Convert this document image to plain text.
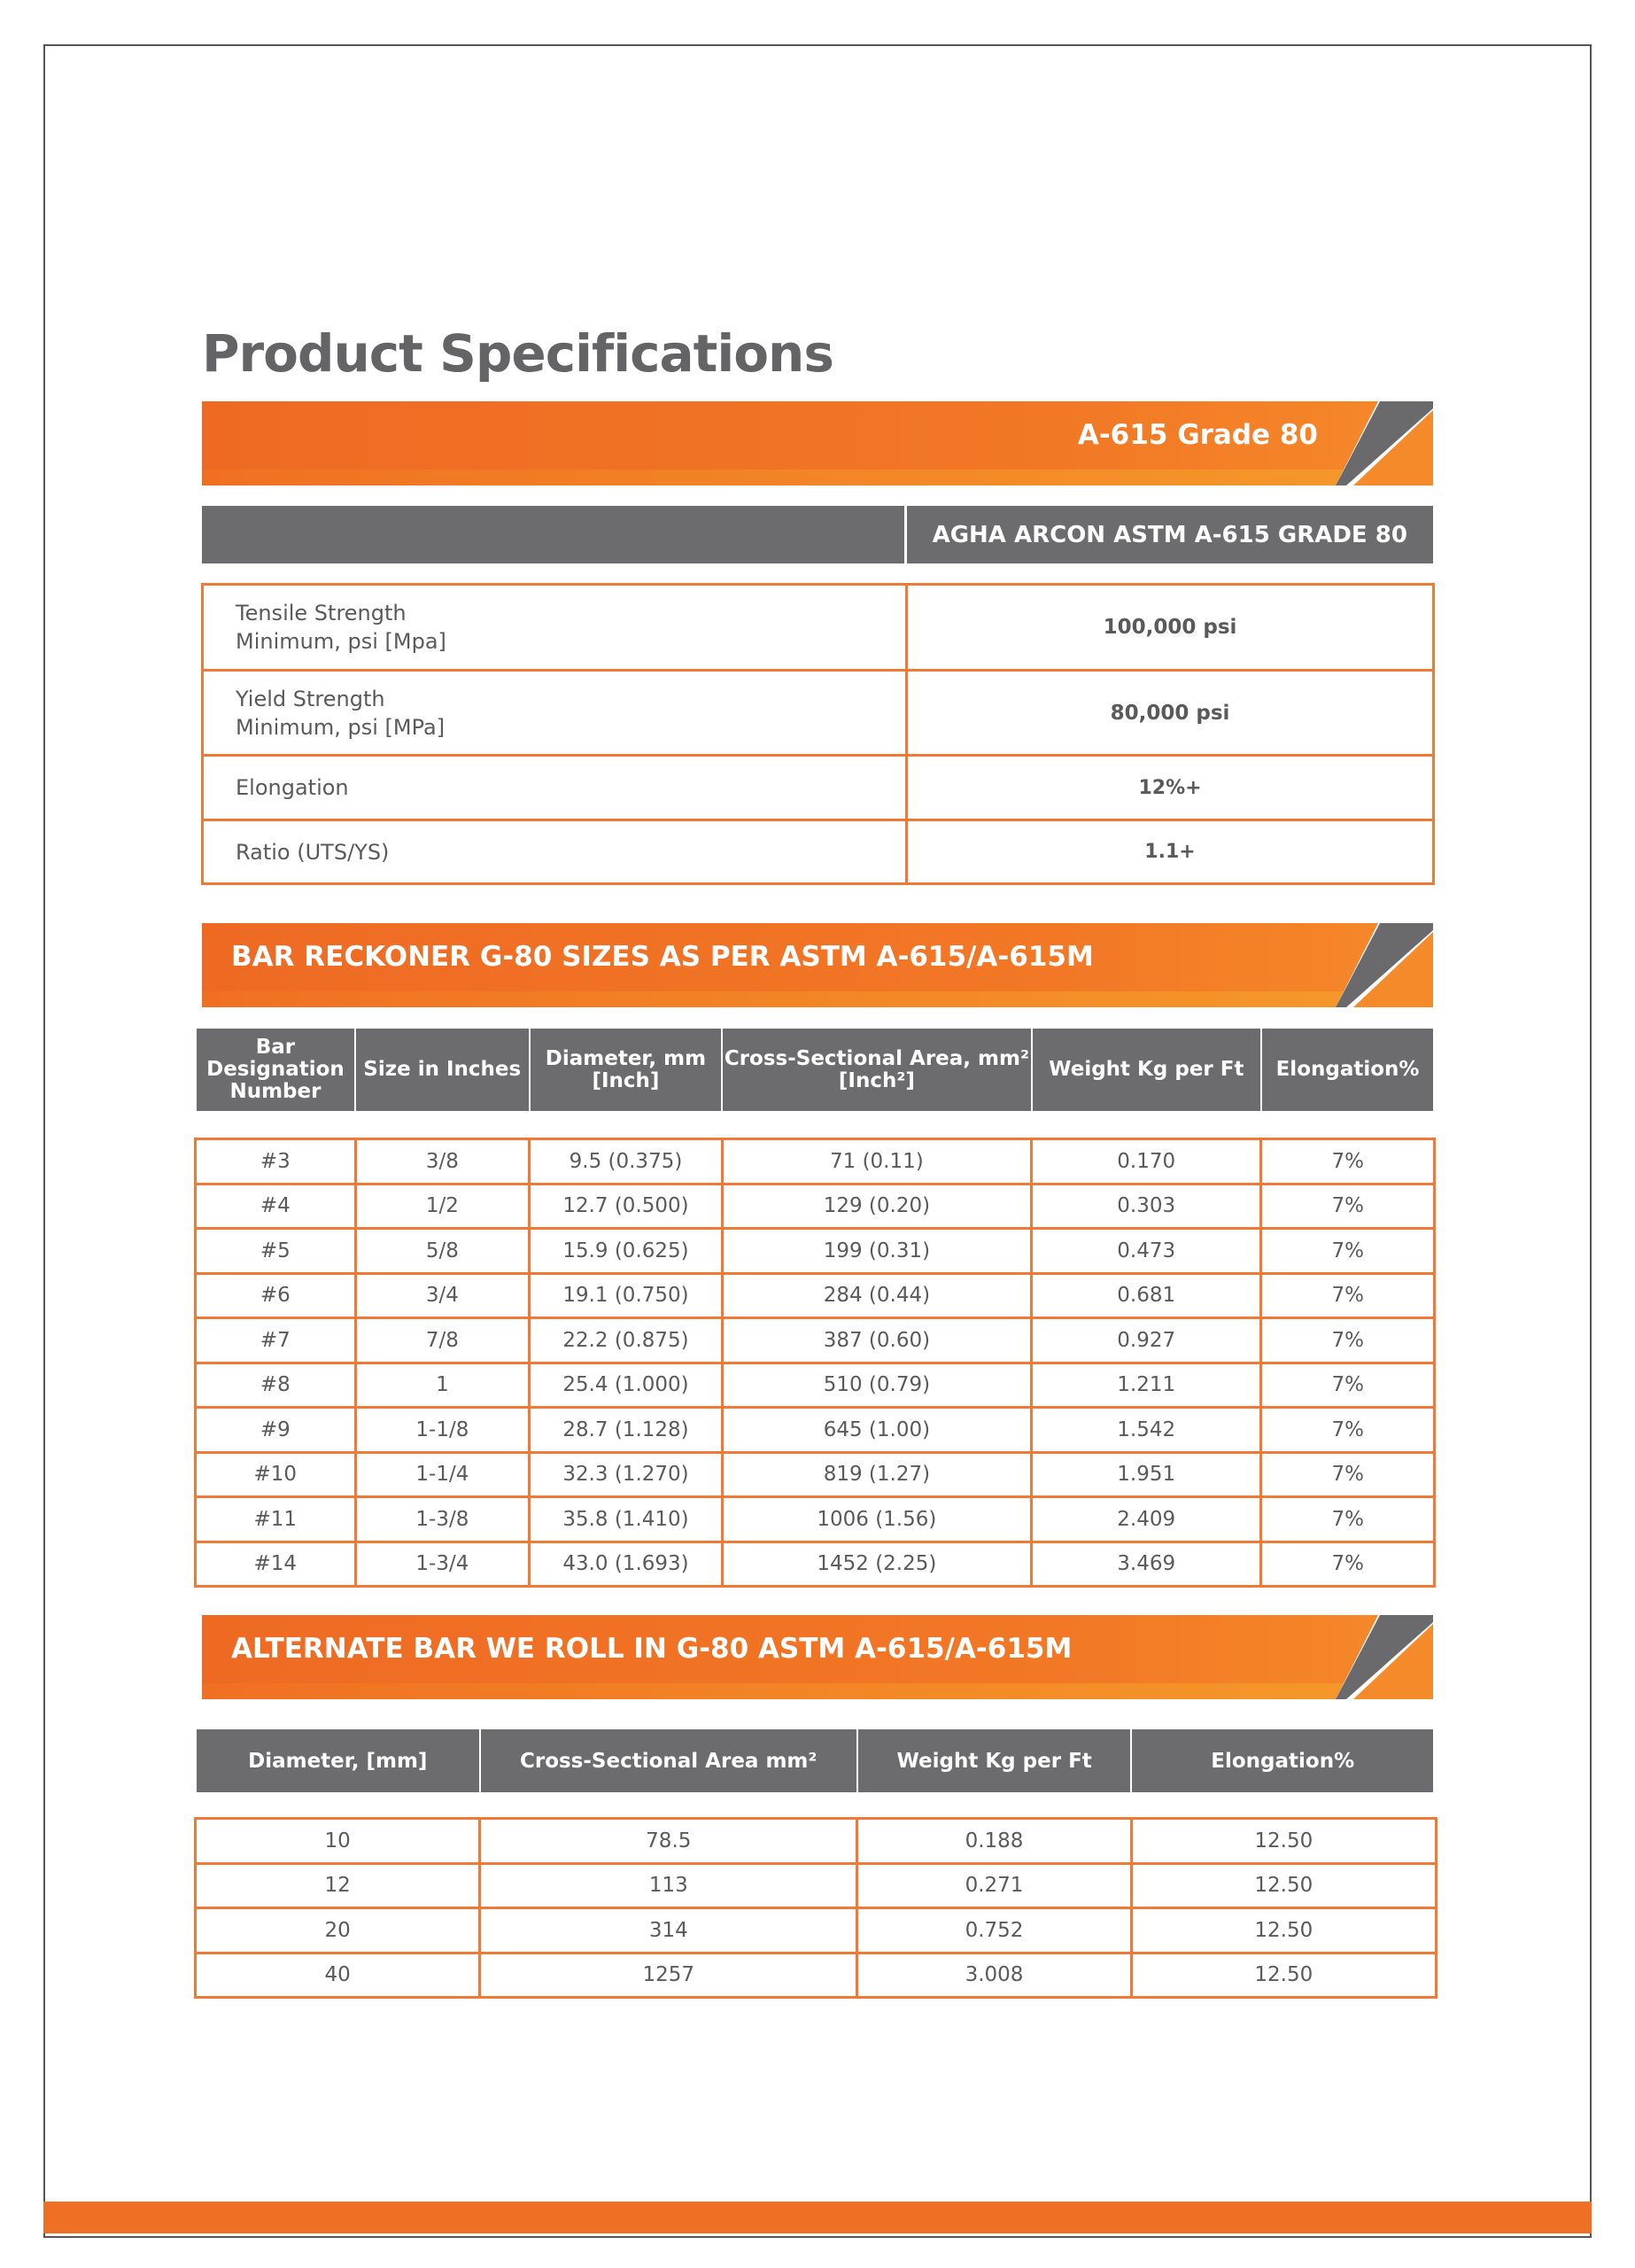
Product Specifications
A-615 Grade 80
	AGHA ARCON ASTM A-615 GRADE 80
Tensile Strength
Minimum, psi [Mpa]	100,000 psi
Yield Strength
Minimum, psi [MPa]	80,000 psi
Elongation	12%+
Ratio (UTS/YS)	1.1+
BAR RECKONER G-80 SIZES AS PER ASTM A-615/A-615M
Bar Designation Number	Size in Inches	Diameter, mm [Inch]	Cross-Sectional Area, mm² [Inch²]	Weight Kg per Ft	Elongation%
#3	3/8	9.5 (0.375)	71 (0.11)	0.170	7%
#4	1/2	12.7 (0.500)	129 (0.20)	0.303	7%
#5	5/8	15.9 (0.625)	199 (0.31)	0.473	7%
#6	3/4	19.1 (0.750)	284 (0.44)	0.681	7%
#7	7/8	22.2 (0.875)	387 (0.60)	0.927	7%
#8	1	25.4 (1.000)	510 (0.79)	1.211	7%
#9	1-1/8	28.7 (1.128)	645 (1.00)	1.542	7%
#10	1-1/4	32.3 (1.270)	819 (1.27)	1.951	7%
#11	1-3/8	35.8 (1.410)	1006 (1.56)	2.409	7%
#14	1-3/4	43.0 (1.693)	1452 (2.25)	3.469	7%
ALTERNATE BAR WE ROLL IN G-80 ASTM A-615/A-615M
Diameter, [mm]	Cross-Sectional Area mm²	Weight Kg per Ft	Elongation%
10	78.5	0.188	12.50
12	113	0.271	12.50
20	314	0.752	12.50
40	1257	3.008	12.50
